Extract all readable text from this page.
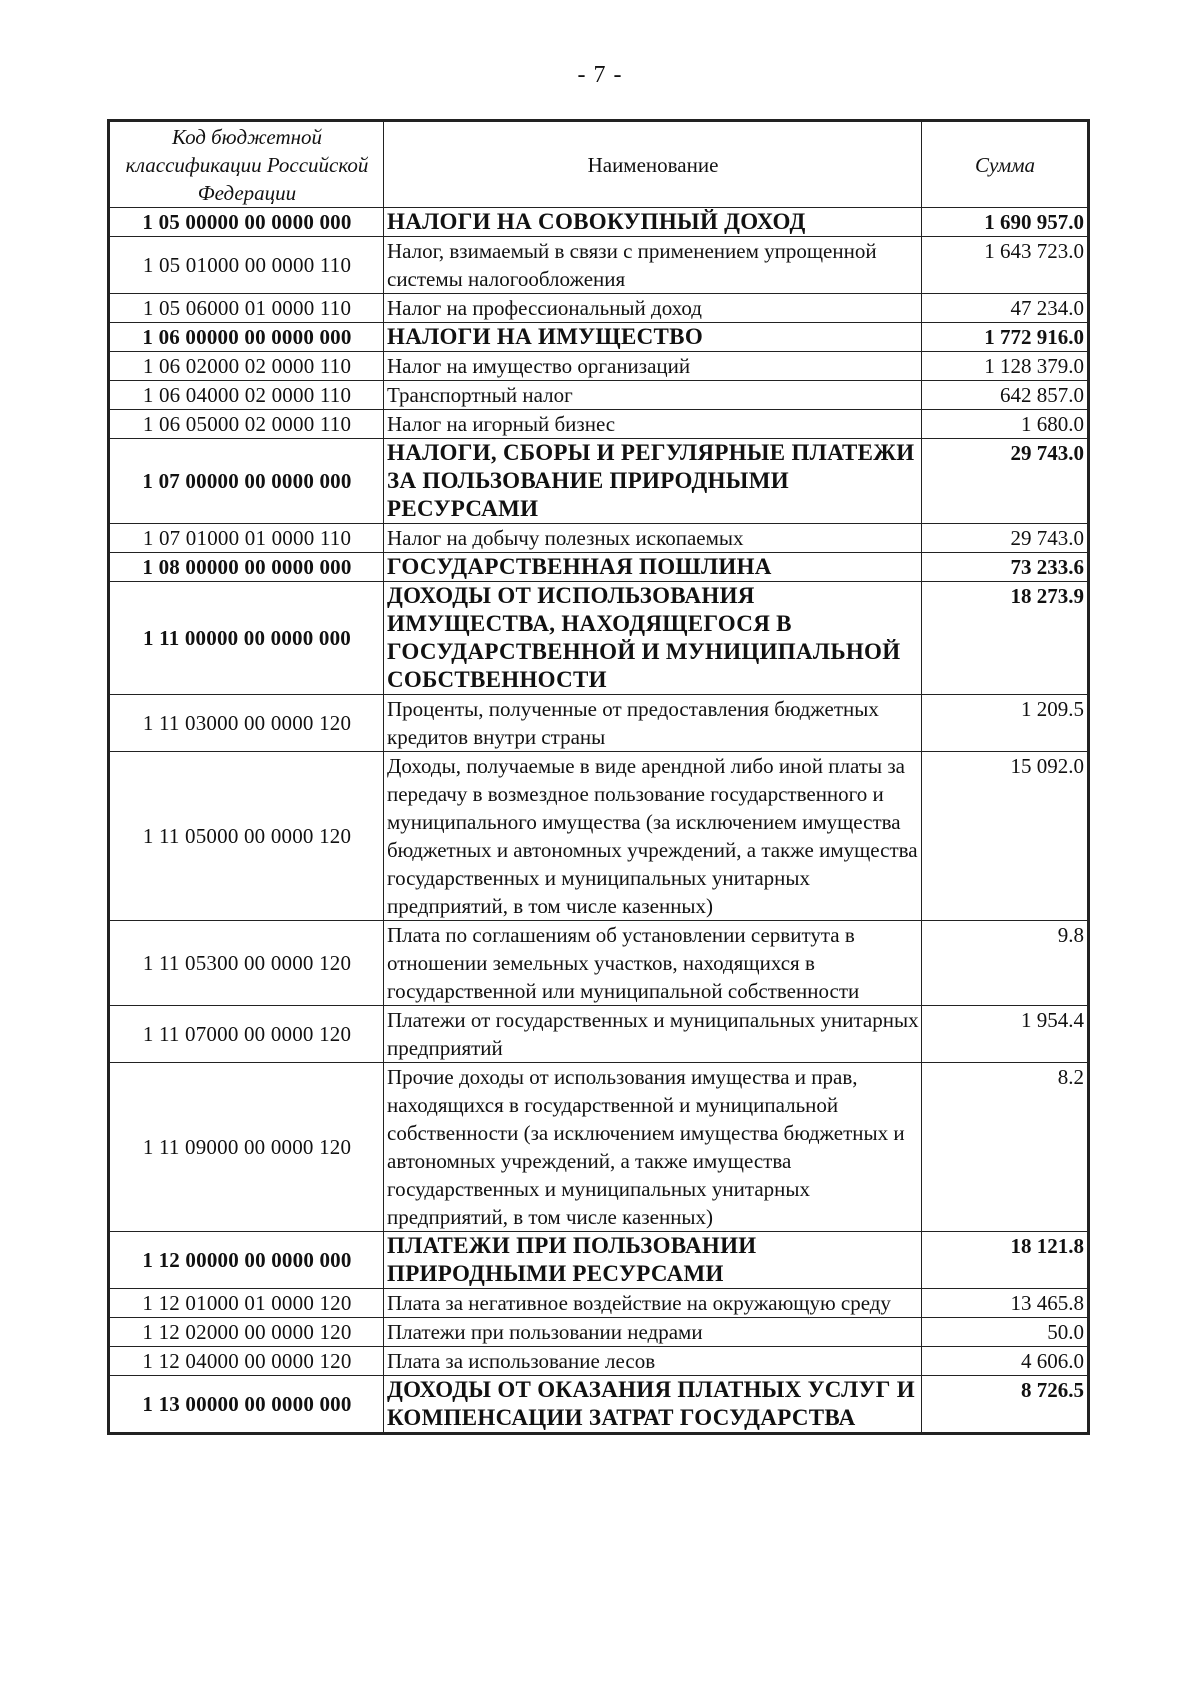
- 7 -
Код бюджетной классификации Российской Федерации	Наименование	Сумма
1 05 00000 00 0000 000	НАЛОГИ НА СОВОКУПНЫЙ ДОХОД	1 690 957.0
1 05 01000 00 0000 110	Налог, взимаемый в связи с применением упрощенной системы налогообложения	1 643 723.0
1 05 06000 01 0000 110	Налог на профессиональный доход	47 234.0
1 06 00000 00 0000 000	НАЛОГИ НА ИМУЩЕСТВО	1 772 916.0
1 06 02000 02 0000 110	Налог на имущество организаций	1 128 379.0
1 06 04000 02 0000 110	Транспортный налог	642 857.0
1 06 05000 02 0000 110	Налог на игорный бизнес	1 680.0
1 07 00000 00 0000 000	НАЛОГИ, СБОРЫ И РЕГУЛЯРНЫЕ ПЛАТЕЖИ ЗА ПОЛЬЗОВАНИЕ ПРИРОДНЫМИ РЕСУРСАМИ	29 743.0
1 07 01000 01 0000 110	Налог на добычу полезных ископаемых	29 743.0
1 08 00000 00 0000 000	ГОСУДАРСТВЕННАЯ ПОШЛИНА	73 233.6
1 11 00000 00 0000 000	ДОХОДЫ ОТ ИСПОЛЬЗОВАНИЯ ИМУЩЕСТВА, НАХОДЯЩЕГОСЯ В ГОСУДАРСТВЕННОЙ И МУНИЦИПАЛЬНОЙ СОБСТВЕННОСТИ	18 273.9
1 11 03000 00 0000 120	Проценты, полученные от предоставления бюджетных кредитов внутри страны	1 209.5
1 11 05000 00 0000 120	Доходы, получаемые в виде арендной либо иной платы за передачу в возмездное пользование государственного и муниципального имущества (за исключением имущества бюджетных и автономных учреждений, а также имущества государственных и муниципальных унитарных предприятий, в том числе казенных)	15 092.0
1 11 05300 00 0000 120	Плата по соглашениям об установлении сервитута в отношении земельных участков, находящихся в государственной или муниципальной собственности	9.8
1 11 07000 00 0000 120	Платежи от государственных и муниципальных унитарных предприятий	1 954.4
1 11 09000 00 0000 120	Прочие доходы от использования имущества и прав, находящихся в государственной и муниципальной собственности (за исключением имущества бюджетных и автономных учреждений, а также имущества государственных и муниципальных унитарных предприятий, в том числе казенных)	8.2
1 12 00000 00 0000 000	ПЛАТЕЖИ ПРИ ПОЛЬЗОВАНИИ ПРИРОДНЫМИ РЕСУРСАМИ	18 121.8
1 12 01000 01 0000 120	Плата за негативное воздействие на окружающую среду	13 465.8
1 12 02000 00 0000 120	Платежи при пользовании недрами	50.0
1 12 04000 00 0000 120	Плата за использование лесов	4 606.0
1 13 00000 00 0000 000	ДОХОДЫ ОТ ОКАЗАНИЯ ПЛАТНЫХ УСЛУГ И КОМПЕНСАЦИИ ЗАТРАТ ГОСУДАРСТВА	8 726.5
